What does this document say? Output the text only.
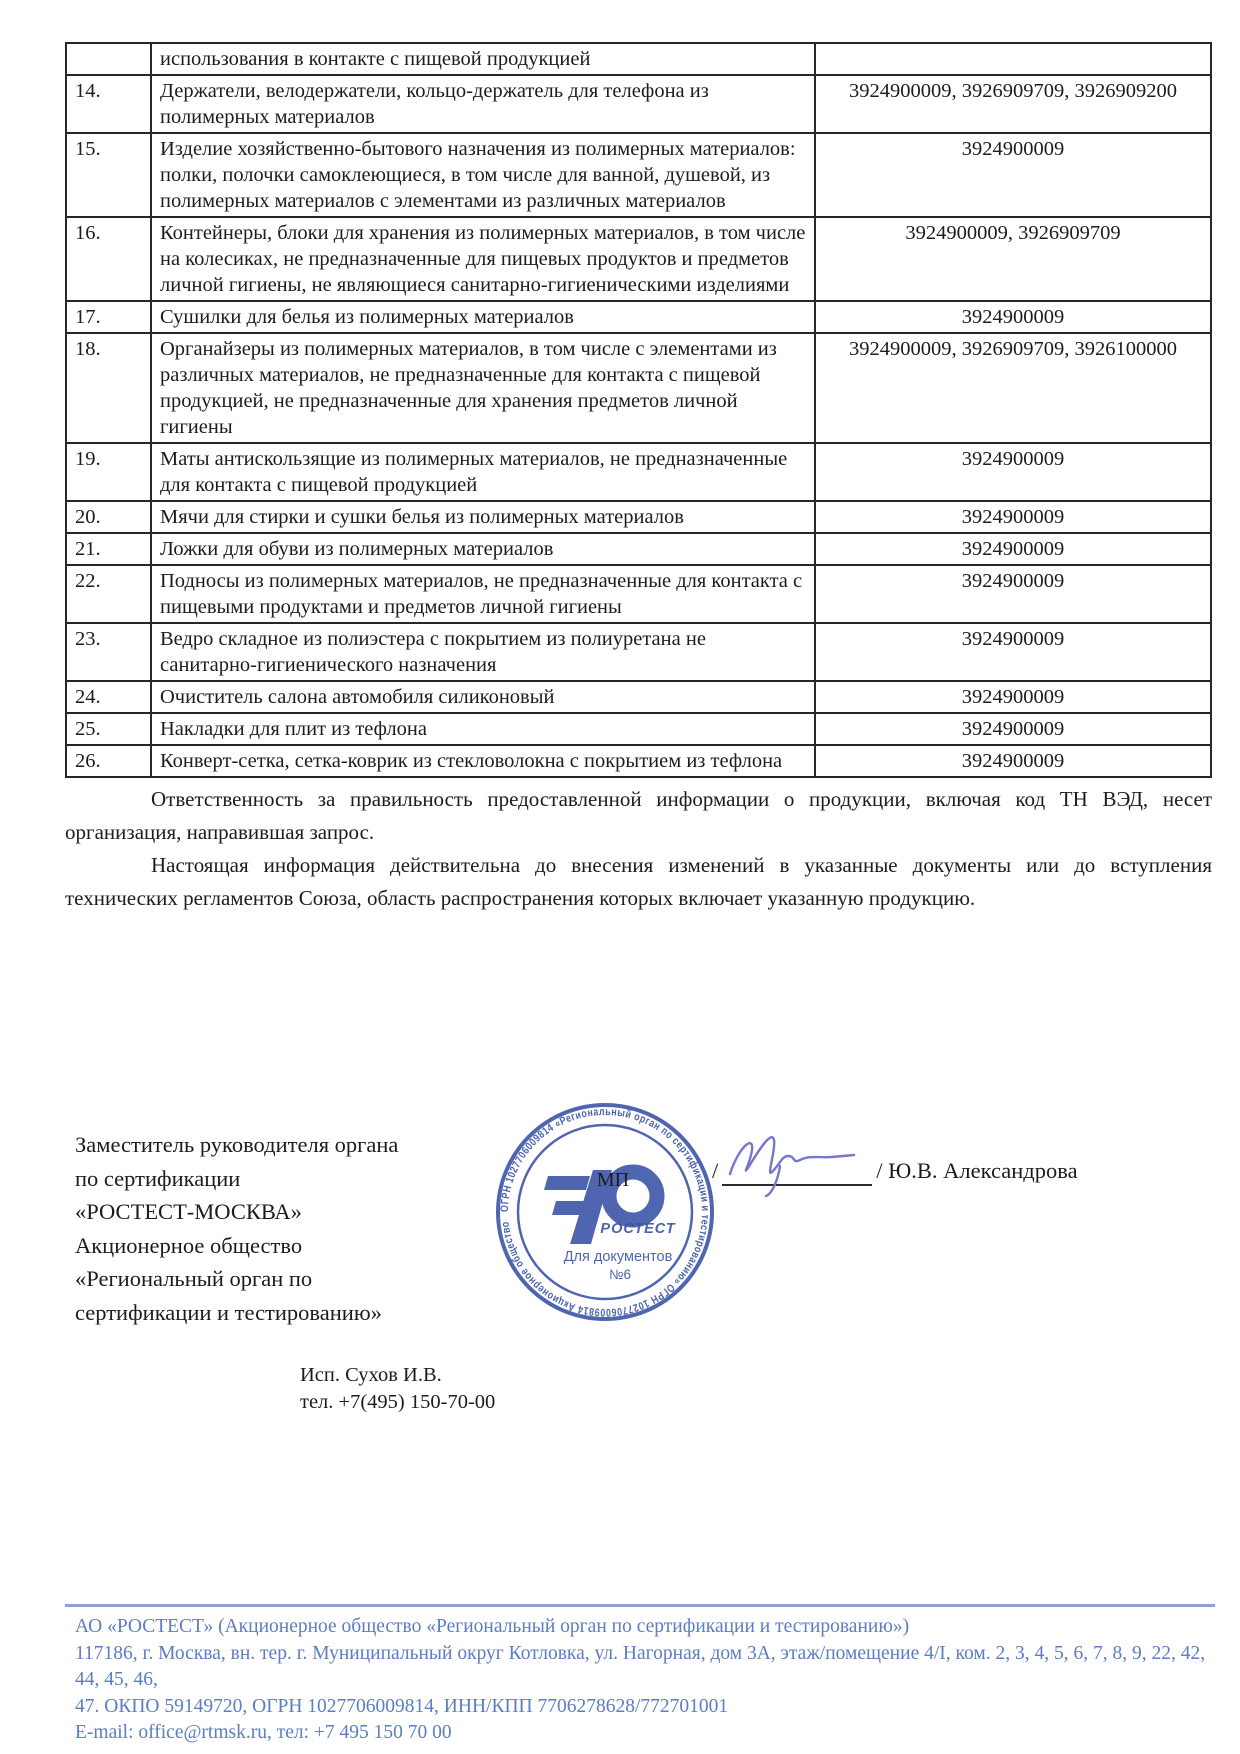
	использования в контакте с пищевой продукцией	
14.	Держатели, велодержатели, кольцо-держатель для телефона из полимерных материалов	3924900009, 3926909709, 3926909200
15.	Изделие хозяйственно-бытового назначения из полимерных материалов: полки, полочки самоклеющиеся, в том числе для ванной, душевой, из полимерных материалов с элементами из различных материалов	3924900009
16.	Контейнеры, блоки для хранения из полимерных материалов, в том числе на колесиках, не предназначенные для пищевых продуктов и предметов личной гигиены, не являющиеся санитарно-гигиеническими изделиями	3924900009, 3926909709
17.	Сушилки для белья из полимерных материалов	3924900009
18.	Органайзеры из полимерных материалов, в том числе с элементами из различных материалов, не предназначенные для контакта с пищевой продукцией, не предназначенные для хранения предметов личной гигиены	3924900009, 3926909709, 3926100000
19.	Маты антискользящие из полимерных материалов, не предназначенные для контакта с пищевой продукцией	3924900009
20.	Мячи для стирки и сушки белья из полимерных материалов	3924900009
21.	Ложки для обуви из полимерных материалов	3924900009
22.	Подносы из полимерных материалов, не предназначенные для контакта с пищевыми продуктами и предметов личной гигиены	3924900009
23.	Ведро складное из полиэстера с покрытием из полиуретана не санитарно-гигиенического назначения	3924900009
24.	Очиститель салона автомобиля силиконовый	3924900009
25.	Накладки для плит из тефлона	3924900009
26.	Конверт-сетка, сетка-коврик из стекловолокна с покрытием из тефлона	3924900009

Ответственность за правильность предоставленной информации о продукции, включая код ТН ВЭД, несет организация, направившая запрос.

Настоящая информация действительна до внесения изменений в указанные документы или до вступления технических регламентов Союза, область распространения которых включает указанную продукцию.

Заместитель руководителя органа
по сертификации
«РОСТЕСТ-МОСКВА»
Акционерное общество
«Региональный орган по
сертификации и тестированию»
ОГРН 1027706009814 «Региональный орган по сертификации и тестированию» ОГРН 1027706009814 Акционерное общество	РОСТЕСТ
Для документов
№6
МП	/	/ Ю.В. Александрова
Исп. Сухов И.В.
тел. +7(495) 150-70-00
АО «РОСТЕСТ» (Акционерное общество «Региональный орган по сертификации и тестированию»)
117186, г. Москва, вн. тер. г. Муниципальный округ Котловка, ул. Нагорная, дом 3А, этаж/помещение 4/I, ком. 2, 3, 4, 5, 6, 7, 8, 9, 22, 42, 44, 45, 46,
47. ОКПО 59149720, ОГРН 1027706009814, ИНН/КПП 7706278628/772701001
E-mail: office@rtmsk.ru, тел: +7 495 150 70 00
